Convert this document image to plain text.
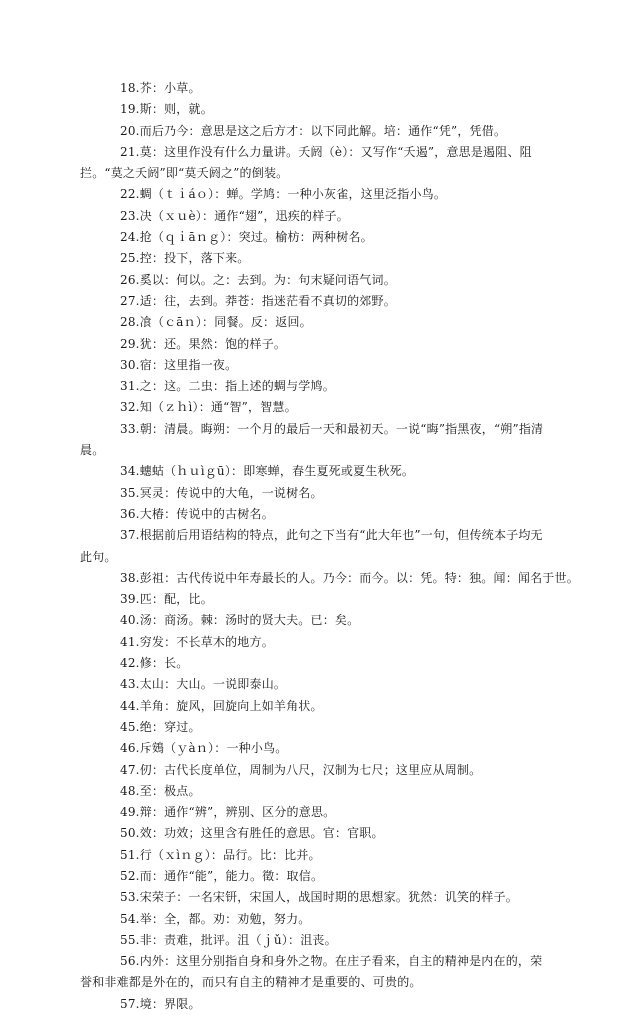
18.芥：小草。
19.斯：则，就。
20.而后乃今：意思是这之后方才：以下同此解。培：通作“凭”，凭借。
21.莫：这里作没有什么力量讲。夭阏（è）：又写作“夭遏”，意思是遏阻、阻拦。“莫之夭阏”即“莫夭阏之”的倒装。
22.蜩（ｔｉáｏ）：蝉。学鸠：一种小灰雀，这里泛指小鸟。
23.决（ｘｕè）：通作“翅”，迅疾的样子。
24.抢（ｑｉāｎｇ）：突过。榆枋：两种树名。
25.控：投下，落下来。
26.奚以：何以。之：去到。为：句末疑问语气词。
27.适：往，去到。莽苍：指迷茫看不真切的郊野。
28.飡（ｃāｎ）：同餐。反：返回。
29.犹：还。果然：饱的样子。
30.宿：这里指一夜。
31.之：这。二虫：指上述的蜩与学鸠。
32.知（ｚｈì）：通“智”，智慧。
33.朝：清晨。晦朔：一个月的最后一天和最初天。一说“晦”指黑夜，“朔”指清晨。
34.蟪蛄（ｈｕìｇū）：即寒蝉，春生夏死或夏生秋死。
35.冥灵：传说中的大龟，一说树名。
36.大椿：传说中的古树名。
37.根据前后用语结构的特点，此句之下当有“此大年也”一句，但传统本子均无此句。
38.彭祖：古代传说中年寿最长的人。乃今：而今。以：凭。特：独。闻：闻名于世。
39.匹：配，比。
40.汤：商汤。棘：汤时的贤大夫。已：矣。
41.穷发：不长草木的地方。
42.修：长。
43.太山：大山。一说即泰山。
44.羊角：旋风，回旋向上如羊角状。
45.绝：穿过。
46.斥鴳（ｙàｎ）：一种小鸟。
47.仞：古代长度单位，周制为八尺，汉制为七尺；这里应从周制。
48.至：极点。
49.辩：通作“辨”，辨别、区分的意思。
50.效：功效；这里含有胜任的意思。官：官职。
51.行（ｘìｎｇ）：品行。比：比并。
52.而：通作“能”，能力。徵：取信。
53.宋荣子：一名宋钘，宋国人，战国时期的思想家。犹然：讥笑的样子。
54.举：全，都。劝：劝勉，努力。
55.非：责难，批评。沮（ｊǔ）：沮丧。
56.内外：这里分别指自身和身外之物。在庄子看来，自主的精神是内在的，荣誉和非难都是外在的，而只有自主的精神才是重要的、可贵的。
57.境：界限。
